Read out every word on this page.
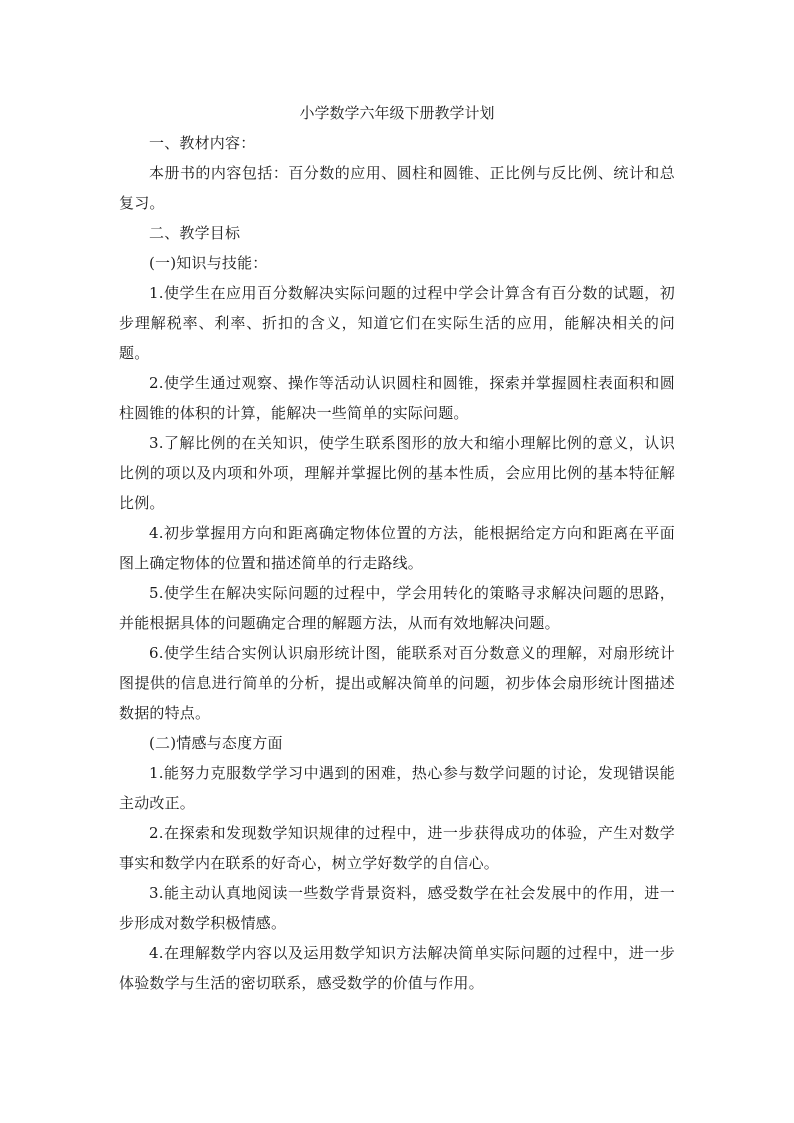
小学数学六年级下册教学计划

一、教材内容：

本册书的内容包括：百分数的应用、圆柱和圆锥、正比例与反比例、统计和总复习。

二、教学目标

(一)知识与技能：

1.使学生在应用百分数解决实际问题的过程中学会计算含有百分数的试题，初步理解税率、利率、折扣的含义，知道它们在实际生活的应用，能解决相关的问题。

2.使学生通过观察、操作等活动认识圆柱和圆锥，探索并掌握圆柱表面积和圆柱圆锥的体积的计算，能解决一些简单的实际问题。

3.了解比例的在关知识，使学生联系图形的放大和缩小理解比例的意义，认识比例的项以及内项和外项，理解并掌握比例的基本性质，会应用比例的基本特征解比例。

4.初步掌握用方向和距离确定物体位置的方法，能根据给定方向和距离在平面图上确定物体的位置和描述简单的行走路线。

5.使学生在解决实际问题的过程中，学会用转化的策略寻求解决问题的思路，并能根据具体的问题确定合理的解题方法，从而有效地解决问题。

6.使学生结合实例认识扇形统计图，能联系对百分数意义的理解，对扇形统计图提供的信息进行简单的分析，提出或解决简单的问题，初步体会扇形统计图描述数据的特点。

(二)情感与态度方面

1.能努力克服数学学习中遇到的困难，热心参与数学问题的讨论，发现错误能主动改正。

2.在探索和发现数学知识规律的过程中，进一步获得成功的体验，产生对数学事实和数学内在联系的好奇心，树立学好数学的自信心。

3.能主动认真地阅读一些数学背景资料，感受数学在社会发展中的作用，进一步形成对数学积极情感。

4.在理解数学内容以及运用数学知识方法解决简单实际问题的过程中，进一步体验数学与生活的密切联系，感受数学的价值与作用。
